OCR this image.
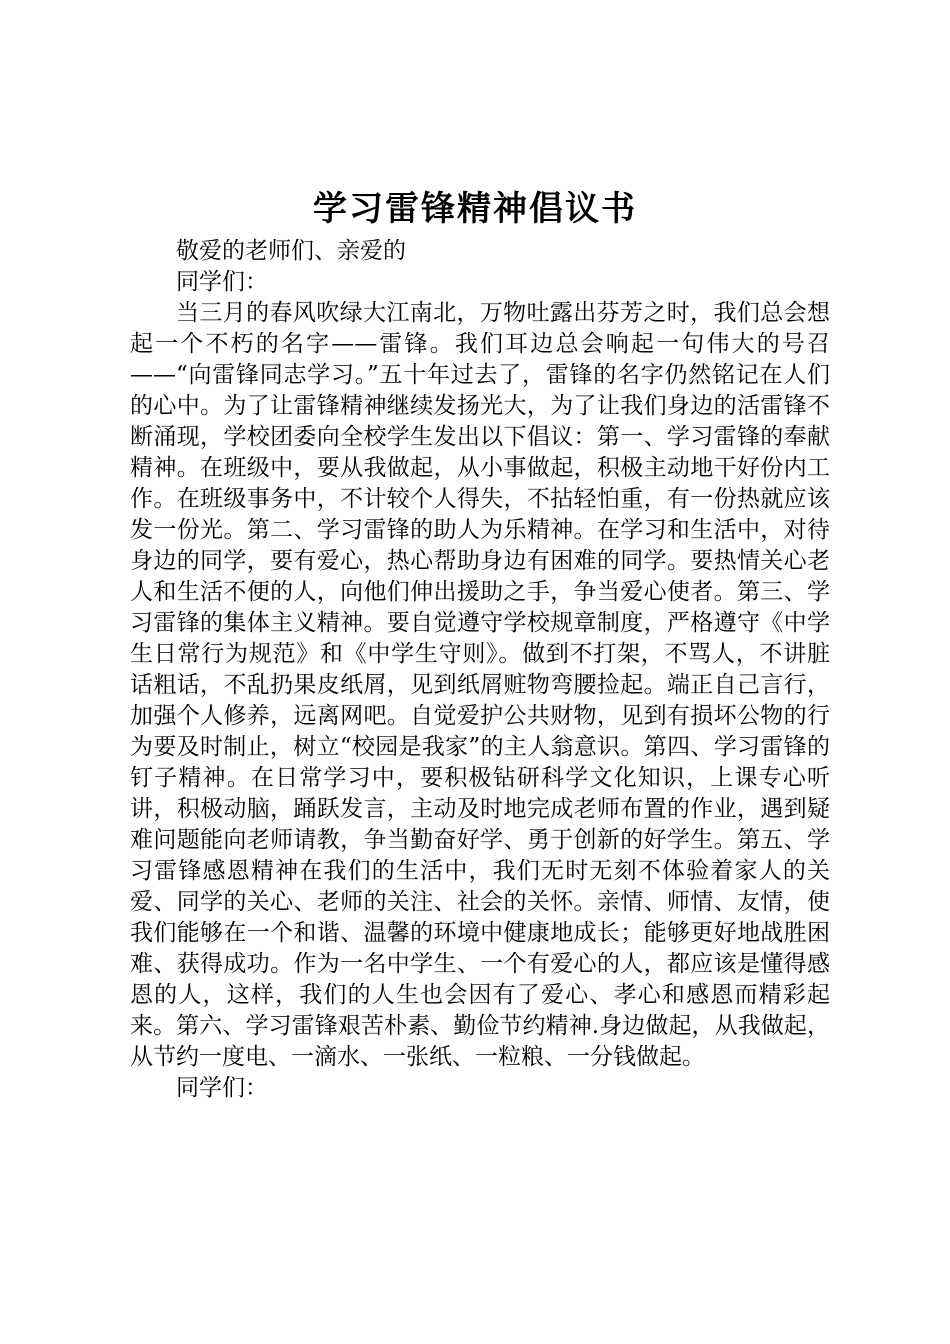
学习雷锋精神倡议书

敬爱的老师们、亲爱的

同学们：

当三月的春风吹绿大江南北，万物吐露出芬芳之时，我们总会想起一个不朽的名字——雷锋。我们耳边总会响起一句伟大的号召——“向雷锋同志学习。”五十年过去了，雷锋的名字仍然铭记在人们的心中。为了让雷锋精神继续发扬光大，为了让我们身边的活雷锋不断涌现，学校团委向全校学生发出以下倡议：第一、学习雷锋的奉献精神。在班级中，要从我做起，从小事做起，积极主动地干好份内工作。在班级事务中，不计较个人得失，不拈轻怕重，有一份热就应该发一份光。第二、学习雷锋的助人为乐精神。在学习和生活中，对待身边的同学，要有爱心，热心帮助身边有困难的同学。要热情关心老人和生活不便的人，向他们伸出援助之手，争当爱心使者。第三、学习雷锋的集体主义精神。要自觉遵守学校规章制度，严格遵守《中学生日常行为规范》和《中学生守则》。做到不打架，不骂人，不讲脏话粗话，不乱扔果皮纸屑，见到纸屑赃物弯腰捡起。端正自己言行，加强个人修养，远离网吧。自觉爱护公共财物，见到有损坏公物的行为要及时制止，树立“校园是我家”的主人翁意识。第四、学习雷锋的钉子精神。在日常学习中，要积极钻研科学文化知识，上课专心听讲，积极动脑，踊跃发言，主动及时地完成老师布置的作业，遇到疑难问题能向老师请教，争当勤奋好学、勇于创新的好学生。第五、学习雷锋感恩精神在我们的生活中，我们无时无刻不体验着家人的关爱、同学的关心、老师的关注、社会的关怀。亲情、师情、友情，使我们能够在一个和谐、温馨的环境中健康地成长；能够更好地战胜困难、获得成功。作为一名中学生、一个有爱心的人，都应该是懂得感恩的人，这样，我们的人生也会因有了爱心、孝心和感恩而精彩起来。第六、学习雷锋艰苦朴素、勤俭节约精神.身边做起，从我做起，从节约一度电、一滴水、一张纸、一粒粮、一分钱做起。

同学们：
